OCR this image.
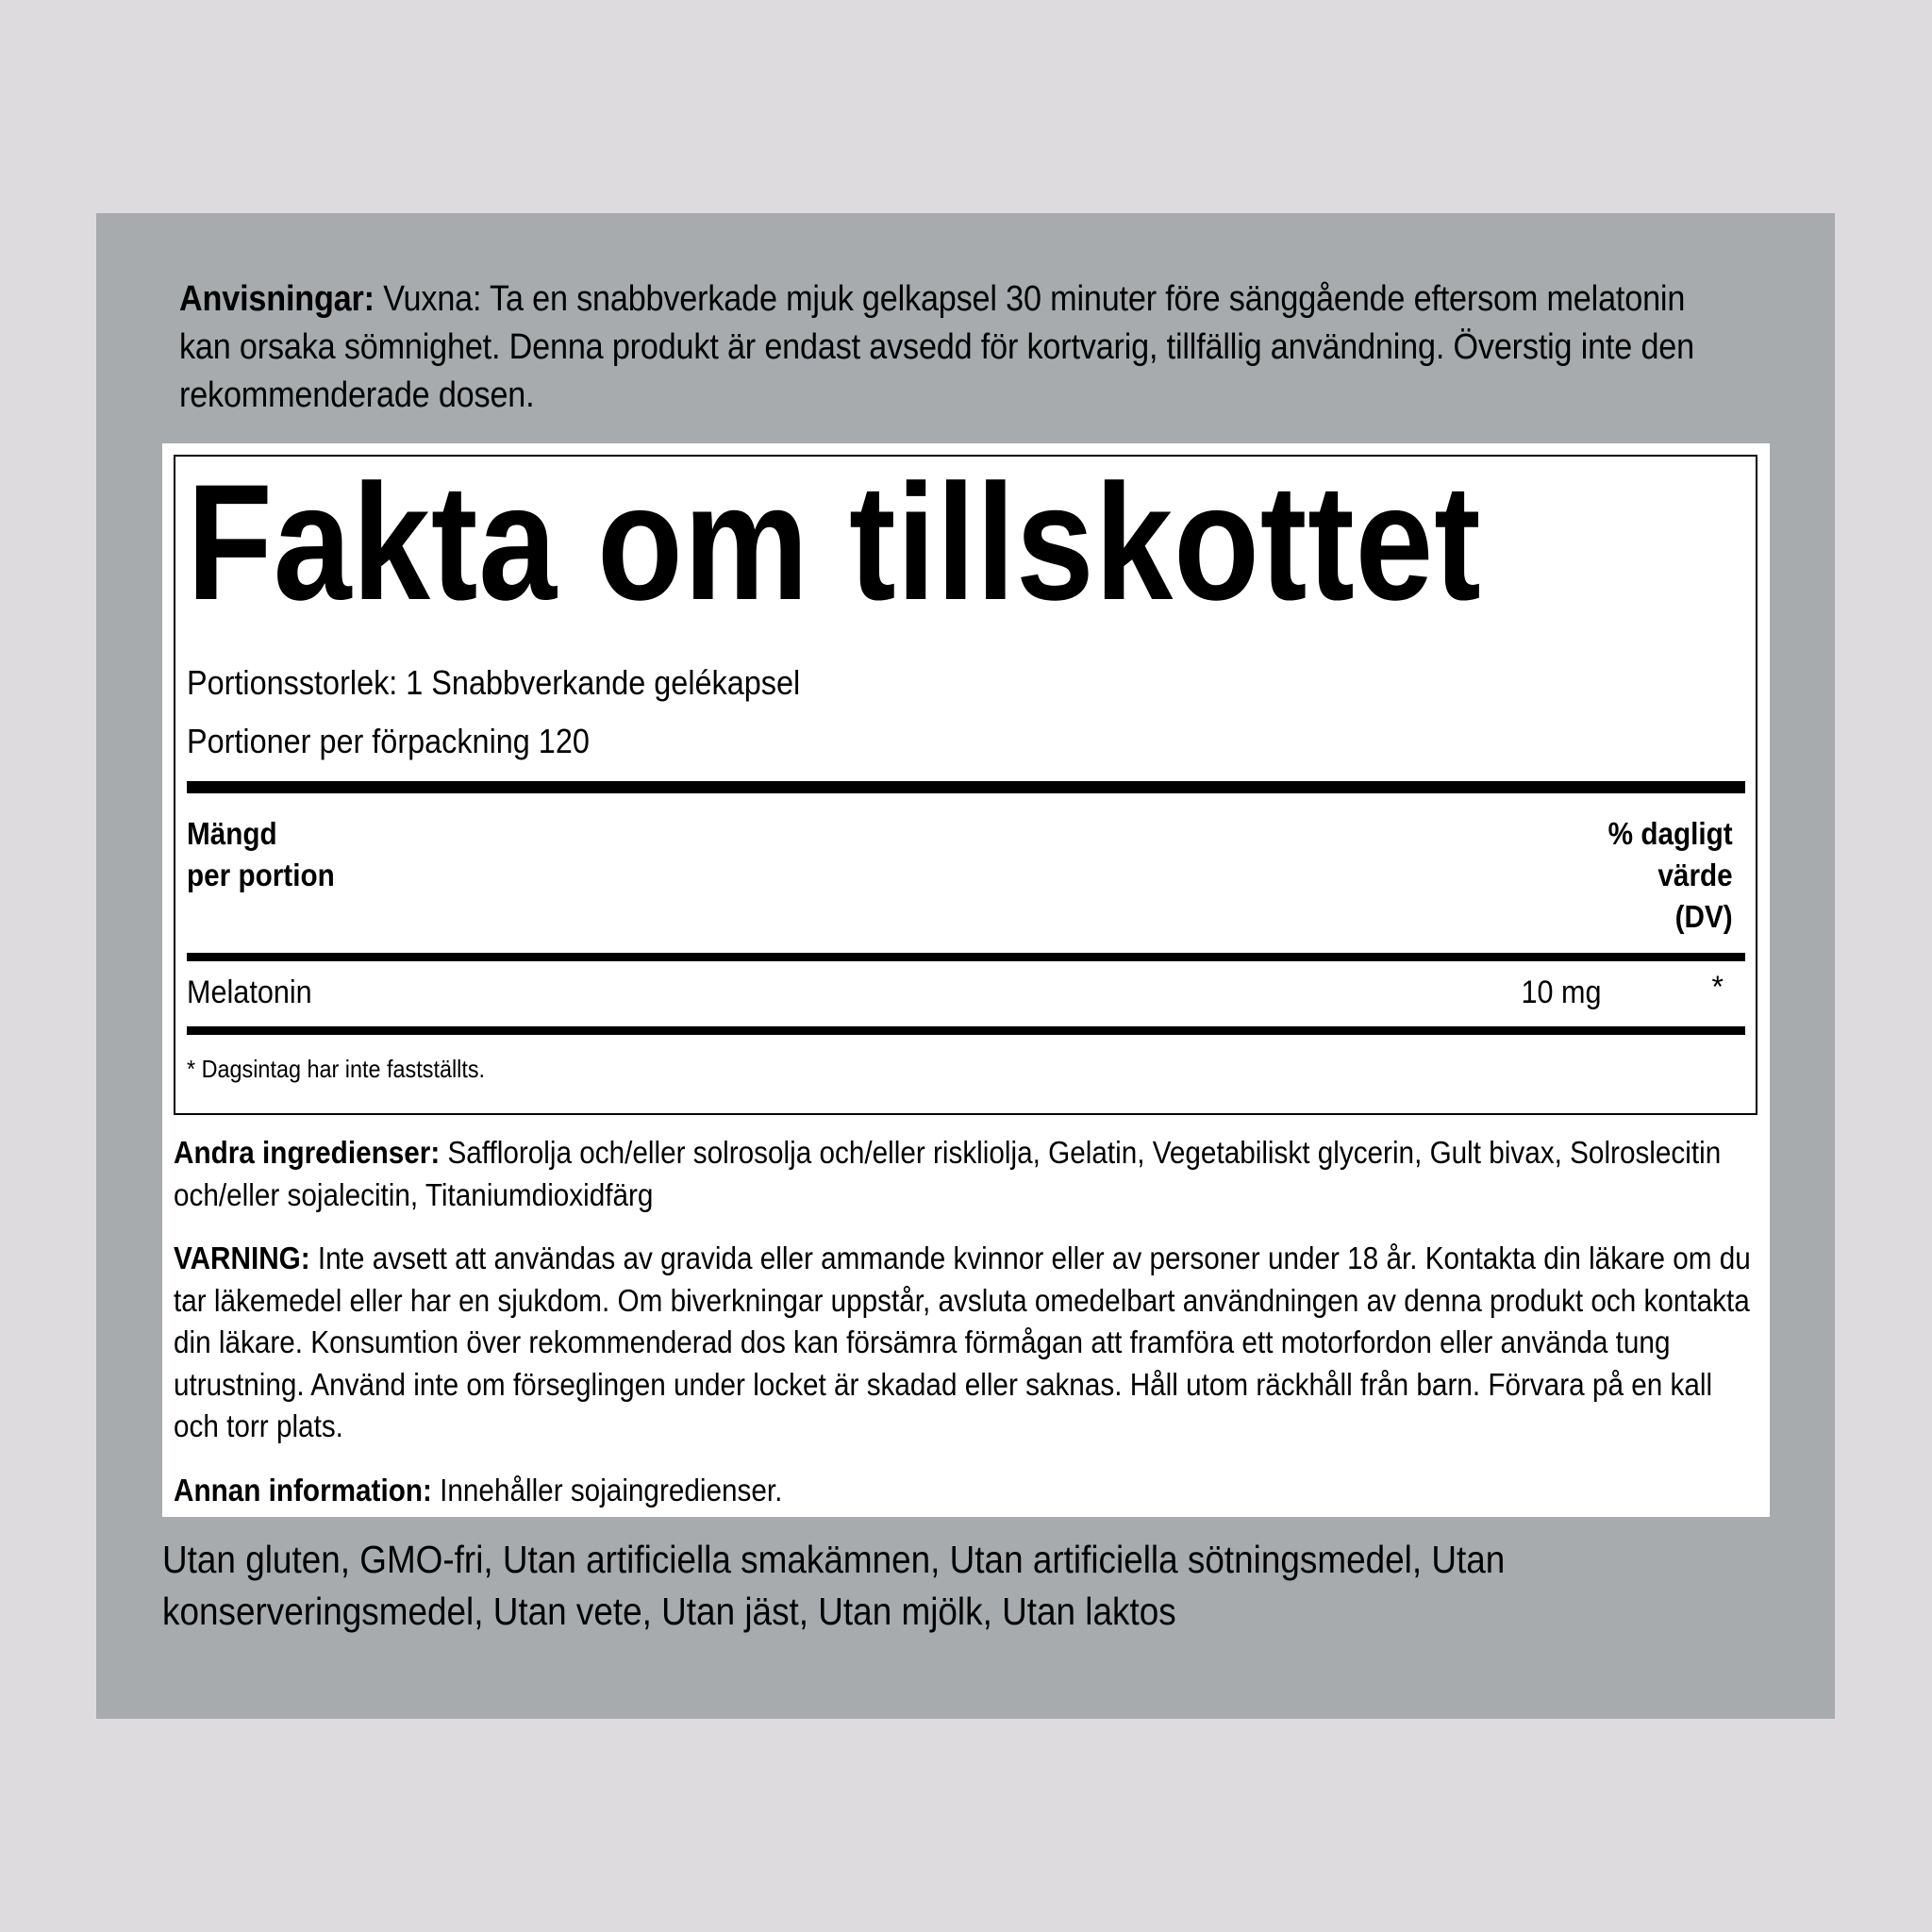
Anvisningar: Vuxna: Ta en snabbverkade mjuk gelkapsel 30 minuter före sänggående eftersom melatonin kan orsaka sömnighet. Denna produkt är endast avsedd för kortvarig, tillfällig användning. Överstig inte den rekommenderade dosen.

Fakta om tillskottet
Portionsstorlek: 1 Snabbverkande gelékapsel
Portioner per förpackning 120
Mängd
per portion
% dagligt
värde
(DV)
Melatonin	10 mg	*
* Dagsintag har inte fastställts.

Andra ingredienser: Safflorolja och/eller solrosolja och/eller riskliolja, Gelatin, Vegetabiliskt glycerin, Gult bivax, Solroslecitin och/eller sojalecitin, Titaniumdioxidfärg

VARNING: Inte avsett att användas av gravida eller ammande kvinnor eller av personer under 18 år. Kontakta din läkare om du tar läkemedel eller har en sjukdom. Om biverkningar uppstår, avsluta omedelbart användningen av denna produkt och kontakta din läkare. Konsumtion över rekommenderad dos kan försämra förmågan att framföra ett motorfordon eller använda tung utrustning. Använd inte om förseglingen under locket är skadad eller saknas. Håll utom räckhåll från barn. Förvara på en kall och torr plats.

Annan information: Innehåller sojaingredienser.

Utan gluten, GMO-fri, Utan artificiella smakämnen, Utan artificiella sötningsmedel, Utan konserveringsmedel, Utan vete, Utan jäst, Utan mjölk, Utan laktos
